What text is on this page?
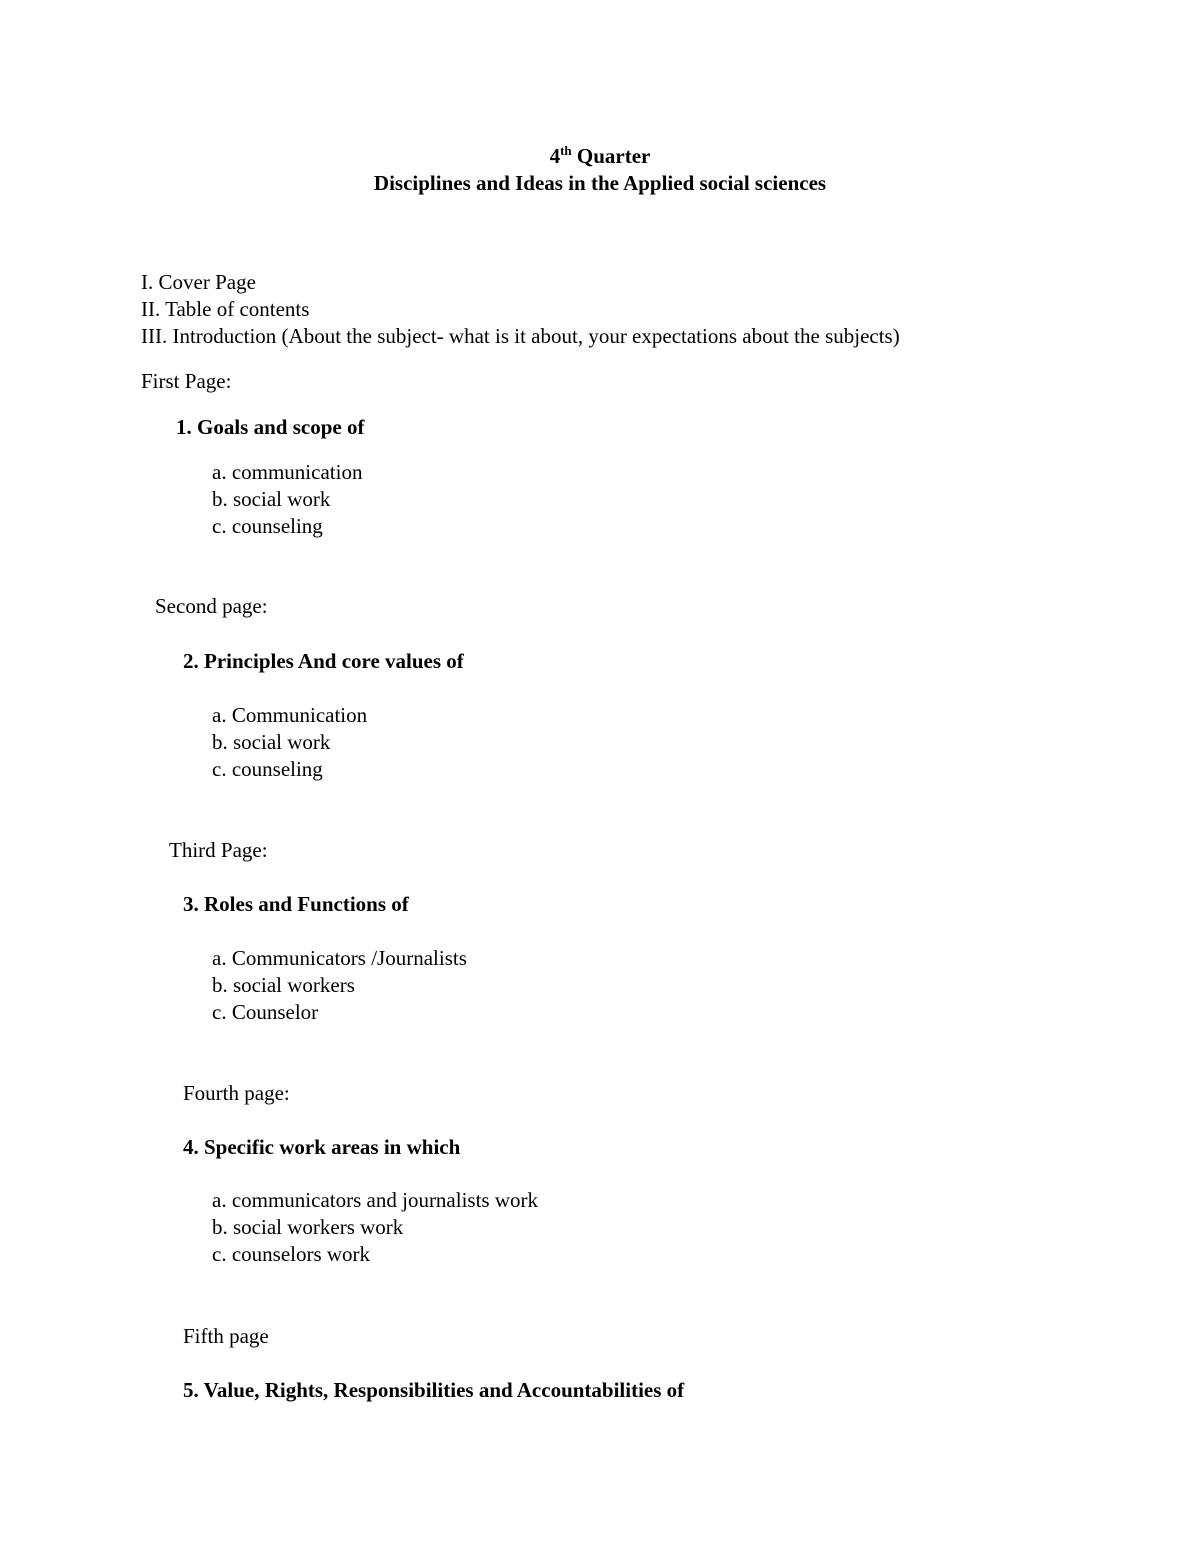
4th Quarter
Disciplines and Ideas in the Applied social sciences
I. Cover Page
II. Table of contents
III. Introduction (About the subject- what is it about, your expectations about the subjects)
First Page:
1. Goals and scope of
a. communication
b. social work
c. counseling
Second page:
2. Principles And core values of
a. Communication
b. social work
c. counseling
Third Page:
3. Roles and Functions of
a. Communicators /Journalists
b. social workers
c. Counselor
Fourth page:
4. Specific work areas in which
a. communicators and journalists work
b. social workers work
c. counselors work
Fifth page
5. Value, Rights, Responsibilities and Accountabilities of
